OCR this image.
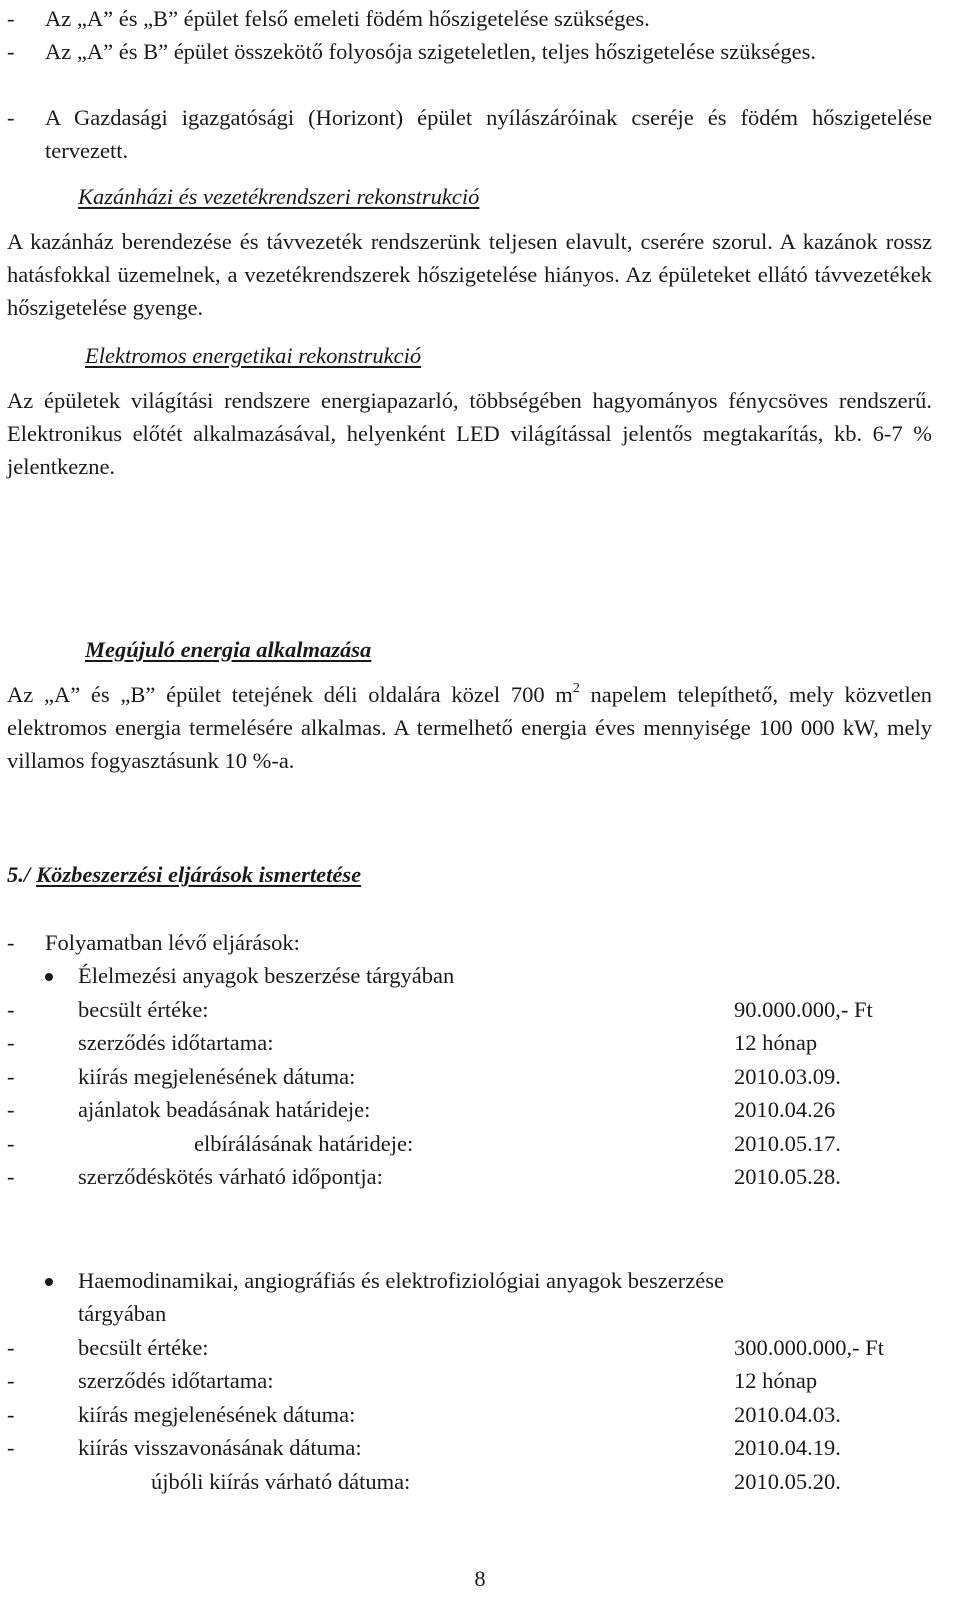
-	Az „A” és „B” épület felső emeleti födém hőszigetelése szükséges.
-	Az „A” és B” épület összekötő folyosója szigeteletlen, teljes hőszigetelése szükséges.
-	A Gazdasági igazgatósági (Horizont) épület nyílászáróinak cseréje és födém hőszigetelése tervezett.
Kazánházi és vezetékrendszeri rekonstrukció
A kazánház berendezése és távvezeték rendszerünk teljesen elavult, cserére szorul. A kazánok rossz hatásfokkal üzemelnek, a vezetékrendszerek hőszigetelése hiányos. Az épületeket ellátó távvezetékek hőszigetelése gyenge.
Elektromos energetikai rekonstrukció
Az épületek világítási rendszere energiapazarló, többségében hagyományos fénycsöves rendszerű. Elektronikus előtét alkalmazásával, helyenként LED világítással jelentős megtakarítás, kb. 6-7 % jelentkezne.
Megújuló energia alkalmazása
Az „A” és „B” épület tetejének déli oldalára közel 700 $m^2$ napelem telepíthető, mely közvetlen elektromos energia termelésére alkalmas. A termelhető energia éves mennyisége 100 000 kW, mely villamos fogyasztásunk 10 %-a.
5./ Közbeszerzési eljárások ismertetése
-	Folyamatban lévő eljárások:
Élelmezési anyagok beszerzése tárgyában
-	becsült értéke:	90.000.000,- Ft
-	szerződés időtartama:	12 hónap
-	kiírás megjelenésének dátuma:	2010.03.09.
-	ajánlatok beadásának határideje:	2010.04.26
-	elbírálásának határideje:	2010.05.17.
-	szerződéskötés várható időpontja:	2010.05.28.
Haemodinamikai, angiográfiás és elektrofiziológiai anyagok beszerzése
tárgyában
-	becsült értéke:	300.000.000,- Ft
-	szerződés időtartama:	12 hónap
-	kiírás megjelenésének dátuma:	2010.04.03.
-	kiírás visszavonásának dátuma:	2010.04.19.
újbóli kiírás várható dátuma:	2010.05.20.
8
